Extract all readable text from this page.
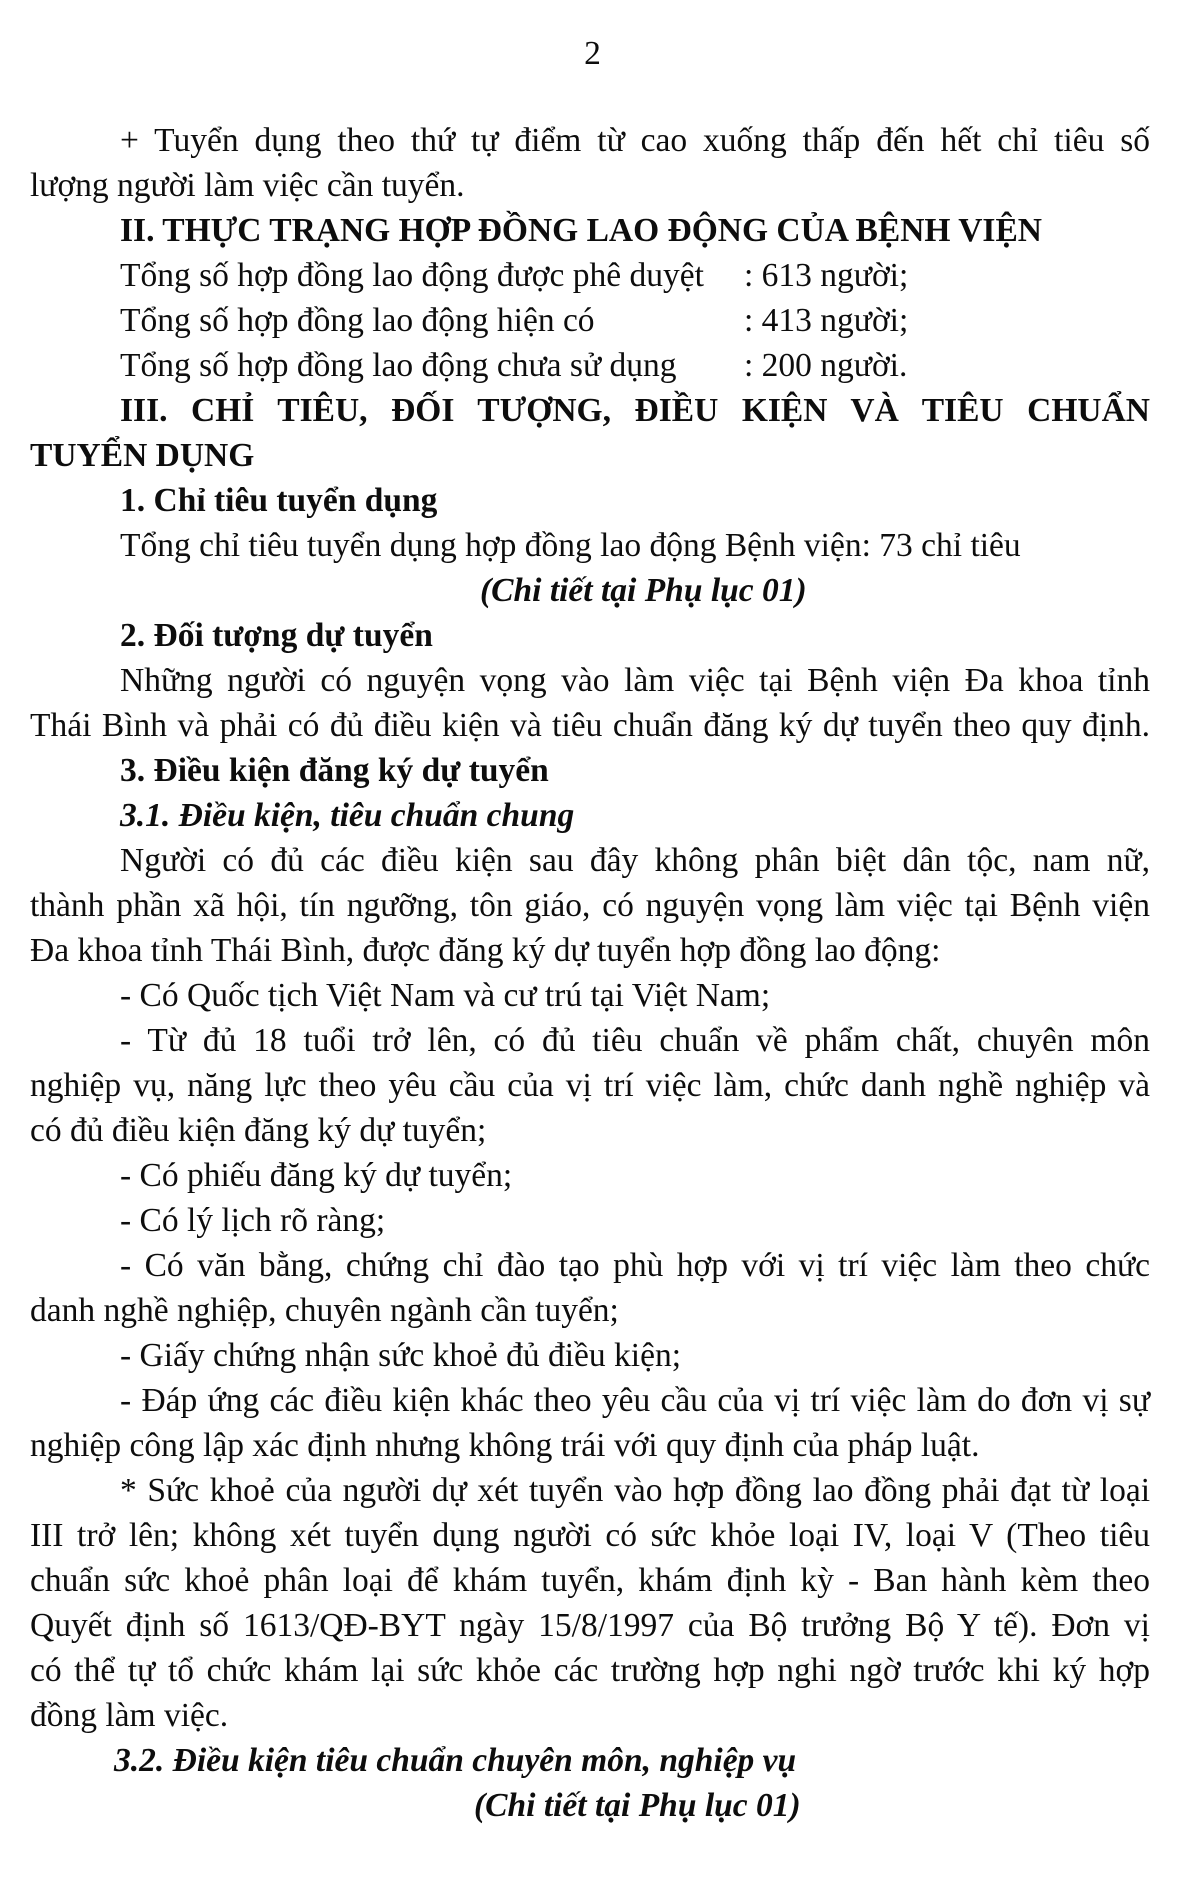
2
+ Tuyển dụng theo thứ tự điểm từ cao xuống thấp đến hết chỉ tiêu số
lượng người làm việc cần tuyển.
II. THỰC TRẠNG HỢP ĐỒNG LAO ĐỘNG CỦA BỆNH VIỆN
Tổng số hợp đồng lao động được phê duyệt : 613 người;
Tổng số hợp đồng lao động hiện có	: 413 người;
Tổng số hợp đồng lao động chưa sử dụng : 200 người.
III. CHỈ TIÊU, ĐỐI TƯỢNG, ĐIỀU KIỆN VÀ TIÊU CHUẨN
TUYỂN DỤNG
1. Chỉ tiêu tuyển dụng
Tổng chỉ tiêu tuyển dụng hợp đồng lao động Bệnh viện: 73 chỉ tiêu
(Chi tiết tại Phụ lục 01)
2. Đối tượng dự tuyển
Những người có nguyện vọng vào làm việc tại Bệnh viện Đa khoa tỉnh
Thái Bình và phải có đủ điều kiện và tiêu chuẩn đăng ký dự tuyển theo quy định.
3. Điều kiện đăng ký dự tuyển
3.1. Điều kiện, tiêu chuẩn chung
Người có đủ các điều kiện sau đây không phân biệt dân tộc, nam nữ,
thành phần xã hội, tín ngưỡng, tôn giáo, có nguyện vọng làm việc tại Bệnh viện
Đa khoa tỉnh Thái Bình, được đăng ký dự tuyển hợp đồng lao động:
- Có Quốc tịch Việt Nam và cư trú tại Việt Nam;
- Từ đủ 18 tuổi trở lên, có đủ tiêu chuẩn về phẩm chất, chuyên môn
nghiệp vụ, năng lực theo yêu cầu của vị trí việc làm, chức danh nghề nghiệp và
có đủ điều kiện đăng ký dự tuyển;
- Có phiếu đăng ký dự tuyển;
- Có lý lịch rõ ràng;
- Có văn bằng, chứng chỉ đào tạo phù hợp với vị trí việc làm theo chức
danh nghề nghiệp, chuyên ngành cần tuyển;
- Giấy chứng nhận sức khoẻ đủ điều kiện;
- Đáp ứng các điều kiện khác theo yêu cầu của vị trí việc làm do đơn vị sự
nghiệp công lập xác định nhưng không trái với quy định của pháp luật.
* Sức khoẻ của người dự xét tuyển vào hợp đồng lao đồng phải đạt từ loại
III trở lên; không xét tuyển dụng người có sức khỏe loại IV, loại V (Theo tiêu
chuẩn sức khoẻ phân loại để khám tuyển, khám định kỳ - Ban hành kèm theo
Quyết định số 1613/QĐ-BYT ngày 15/8/1997 của Bộ trưởng Bộ Y tế). Đơn vị
có thể tự tổ chức khám lại sức khỏe các trường hợp nghi ngờ trước khi ký hợp
đồng làm việc.
3.2. Điều kiện tiêu chuẩn chuyên môn, nghiệp vụ
(Chi tiết tại Phụ lục 01)
